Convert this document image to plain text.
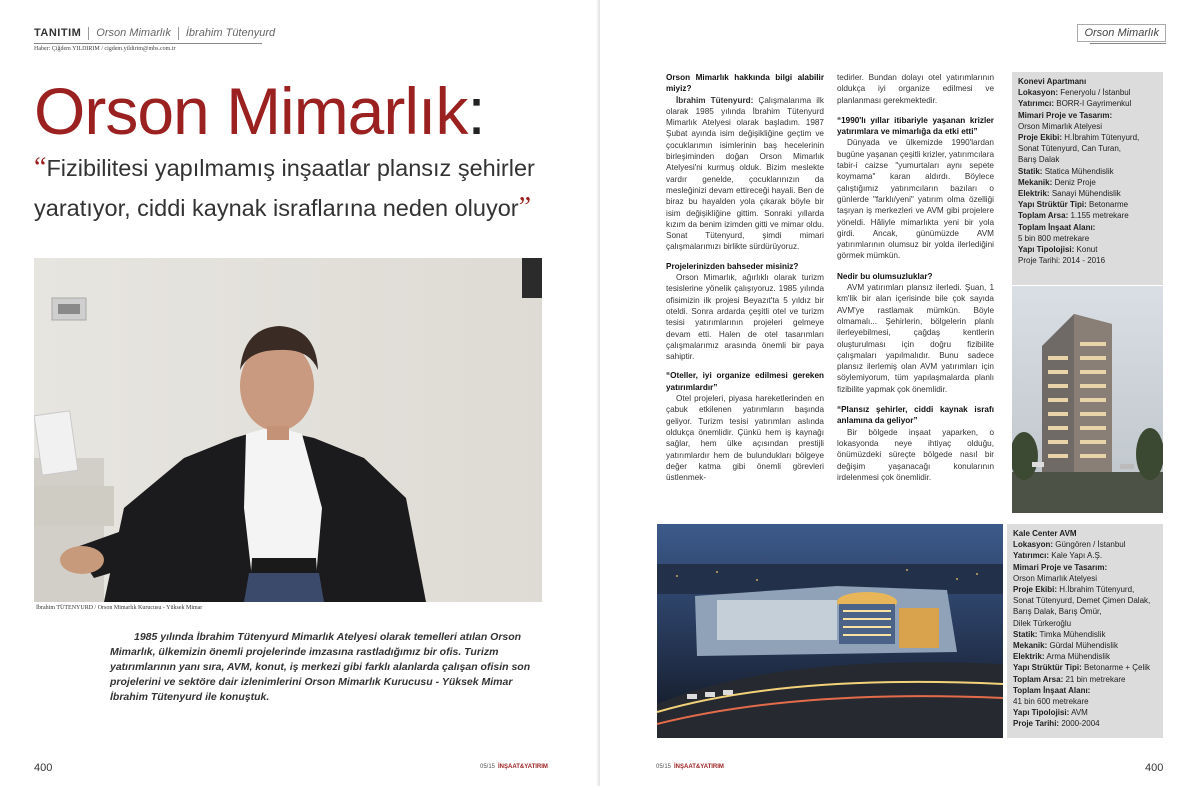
TANITIM Orson Mimarlık İbrahim Tütenyurd
Haber: Çiğdem YILDIRIM / cigdem.yildirim@mbs.com.tr
Orson Mimarlık:
“Fizibilitesi yapılmamış inşaatlar plansız şehirler yaratıyor, ciddi kaynak israflarına neden oluyor”
İbrahim TÜTENYURD / Orson Mimarlık Kurucusu - Yüksek Mimar

1985 yılında İbrahim Tütenyurd Mimarlık Atelyesi olarak temelleri atılan Orson Mimarlık, ülkemizin önemli projelerinde imzasına rastladığımız bir ofis. Turizm yatırımlarının yanı sıra, AVM, konut, iş merkezi gibi farklı alanlarda çalışan ofisin son projelerini ve sektöre dair izlenimlerini Orson Mimarlık Kurucusu - Yüksek Mimar İbrahim Tütenyurd ile konuştuk.

400	05/15 İNŞAAT&YATIRIM
Orson Mimarlık
Orson Mimarlık hakkında bilgi alabilir miyiz?
İbrahim Tütenyurd: Çalışmalarıma ilk olarak 1985 yılında İbrahim Tütenyurd Mimarlık Atelyesi olarak başladım. 1987 Şubat ayında isim değişikliğine geçtim ve çocuklarımın isimlerinin baş hecelerinin birleşiminden doğan Orson Mimarlık Atelyesi'ni kurmuş olduk. Bizim meslekte vardır genelde, çocuklarınızın da mesleğinizi devam ettireceği hayali. Ben de biraz bu hayalden yola çıkarak böyle bir isim değişikliğine gittim. Sonraki yıllarda kızım da benim izimden gitti ve mimar oldu. Sonat Tütenyurd, şimdi mimari çalışmalarımızı birlikte sürdürüyoruz.
Projelerinizden bahseder misiniz?
Orson Mimarlık, ağırlıklı olarak turizm tesislerine yönelik çalışıyoruz. 1985 yılında ofisimizin ilk projesi Beyazıt'ta 5 yıldız bir oteldi. Sonra ardarda çeşitli otel ve turizm tesisi yatırımlarının projeleri gelmeye devam etti. Halen de otel tasarımları çalışmalarımız arasında önemli bir paya sahiptir.
“Oteller, iyi organize edilmesi gereken yatırımlardır”
Otel projeleri, piyasa hareketlerinden en çabuk etkilenen yatırımların başında geliyor. Turizm tesisi yatırımları aslında oldukça önemlidir. Çünkü hem iş kaynağı sağlar, hem ülke açısından prestijli yatırımlardır hem de bulundukları bölgeye değer katma gibi önemli görevleri üstlenmek-
tedirler. Bundan dolayı otel yatırımlarının oldukça iyi organize edilmesi ve planlanması gerekmektedir.
“1990'lı yıllar itibariyle yaşanan krizler yatırımlara ve mimarlığa da etki etti”
Dünyada ve ülkemizde 1990'lardan bugüne yaşanan çeşitli krizler, yatırımcılara tabir-i caizse "yumurtaları aynı sepete koymama" karan aldırdı. Böylece çalıştığımız yatırımcıların bazıları o günlerde "farklı/yeni" yatırım olma özelliği taşıyan iş merkezleri ve AVM gibi projelere yöneldi. Hâliyle mimarlıkta yeni bir yola girdi. Ancak, günümüzde AVM yatırımlarının olumsuz bir yolda ilerlediğini görmek mümkün.
Nedir bu olumsuzluklar?
AVM yatırımları plansız ilerledi. Şuan, 1 km'lik bir alan içerisinde bile çok sayıda AVM'ye rastlamak mümkün. Böyle olmamalı... Şehirlerin, bölgelerin planlı ilerleyebilmesi, çağdaş kentlerin oluşturulması için doğru fizibilite çalışmaları yapılmalıdır. Bunu sadece plansız ilerlemiş olan AVM yatırımları için söylemiyorum, tüm yapılaşmalarda planlı fizibilite yapmak çok önemlidir.
“Plansız şehirler, ciddi kaynak israfı anlamına da geliyor”
Bir bölgede inşaat yaparken, o lokasyonda neye ihtiyaç olduğu, önümüzdeki süreçte bölgede nasıl bir değişim yaşanacağı konularının irdelenmesi çok önemlidir.
Konevi Apartmanı
Lokasyon: Feneryolu / İstanbul
Yatırımcı: BORR-I Gayrimenkul
Mimari Proje ve Tasarım:
Orson Mimarlık Atelyesi
Proje Ekibi: H.İbrahim Tütenyurd,
Sonat Tütenyurd, Can Turan,
Barış Dalak
Statik: Statica Mühendislik
Mekanik: Deniz Proje
Elektrik: Sanayi Mühendislik
Yapı Strüktür Tipi: Betonarme
Toplam Arsa: 1.155 metrekare
Toplam İnşaat Alanı:
5 bin 800 metrekare
Yapı Tipolojisi: Konut
Proje Tarihi: 2014 - 2016
Kale Center AVM
Lokasyon: Güngören / İstanbul
Yatırımcı: Kale Yapı A.Ş.
Mimari Proje ve Tasarım:
Orson Mimarlık Atelyesi
Proje Ekibi: H.İbrahim Tütenyurd,
Sonat Tütenyurd, Demet Çimen Dalak,
Barış Dalak, Barış Ömür,
Dilek Türkeroğlu
Statik: Timka Mühendislik
Mekanik: Gürdal Mühendislik
Elektrik: Arma Mühendislik
Yapı Strüktür Tipi: Betonarme + Çelik
Toplam Arsa: 21 bin metrekare
Toplam İnşaat Alanı:
41 bin 600 metrekare
Yapı Tipolojisi: AVM
Proje Tarihi: 2000-2004
05/15 İNŞAAT&YATIRIM	400
